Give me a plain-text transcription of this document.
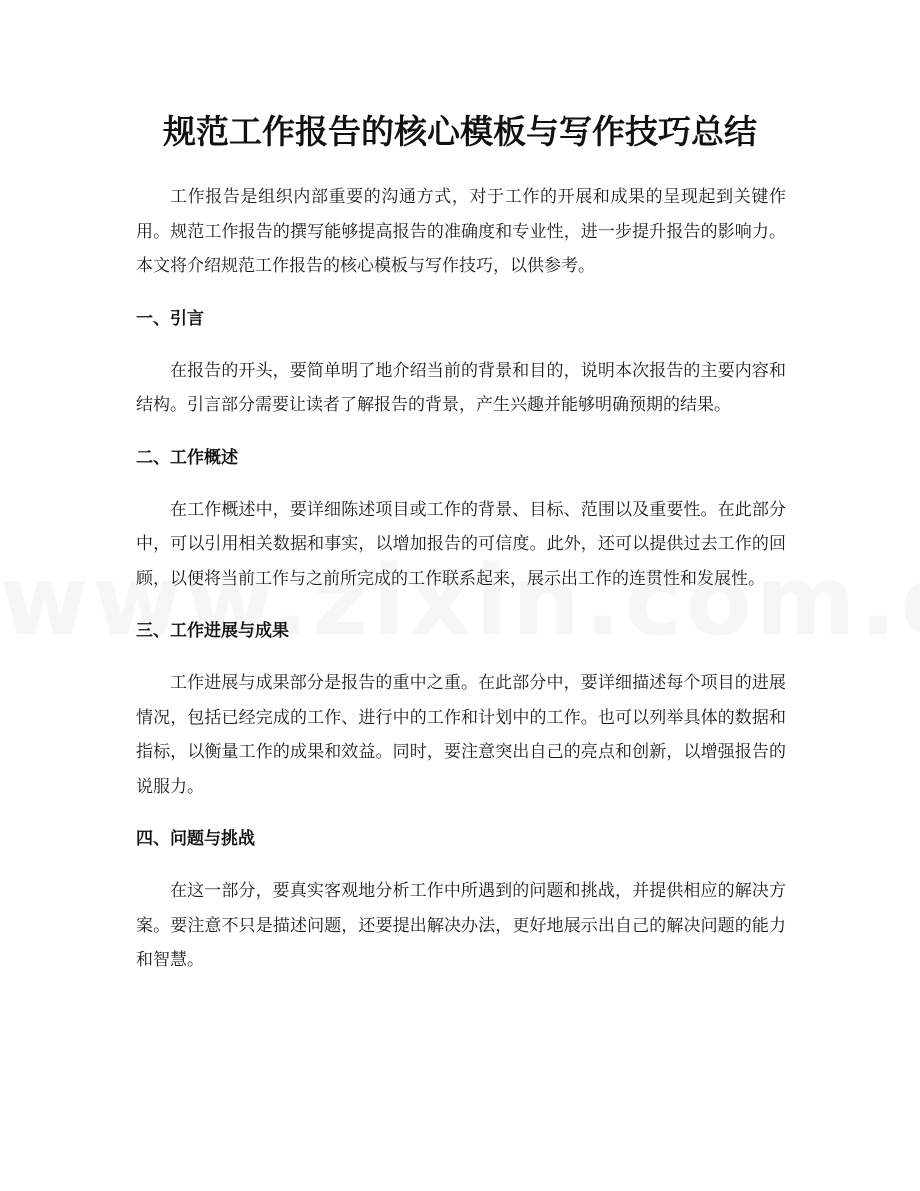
规范工作报告的核心模板与写作技巧总结

工作报告是组织内部重要的沟通方式，对于工作的开展和成果的呈现起到关键作用。规范工作报告的撰写能够提高报告的准确度和专业性，进一步提升报告的影响力。本文将介绍规范工作报告的核心模板与写作技巧，以供参考。

一、引言

在报告的开头，要简单明了地介绍当前的背景和目的，说明本次报告的主要内容和结构。引言部分需要让读者了解报告的背景，产生兴趣并能够明确预期的结果。

二、工作概述

在工作概述中，要详细陈述项目或工作的背景、目标、范围以及重要性。在此部分中，可以引用相关数据和事实，以增加报告的可信度。此外，还可以提供过去工作的回顾，以便将当前工作与之前所完成的工作联系起来，展示出工作的连贯性和发展性。

三、工作进展与成果

工作进展与成果部分是报告的重中之重。在此部分中，要详细描述每个项目的进展情况，包括已经完成的工作、进行中的工作和计划中的工作。也可以列举具体的数据和指标，以衡量工作的成果和效益。同时，要注意突出自己的亮点和创新，以增强报告的说服力。

四、问题与挑战

在这一部分，要真实客观地分析工作中所遇到的问题和挑战，并提供相应的解决方案。要注意不只是描述问题，还要提出解决办法，更好地展示出自己的解决问题的能力和智慧。
